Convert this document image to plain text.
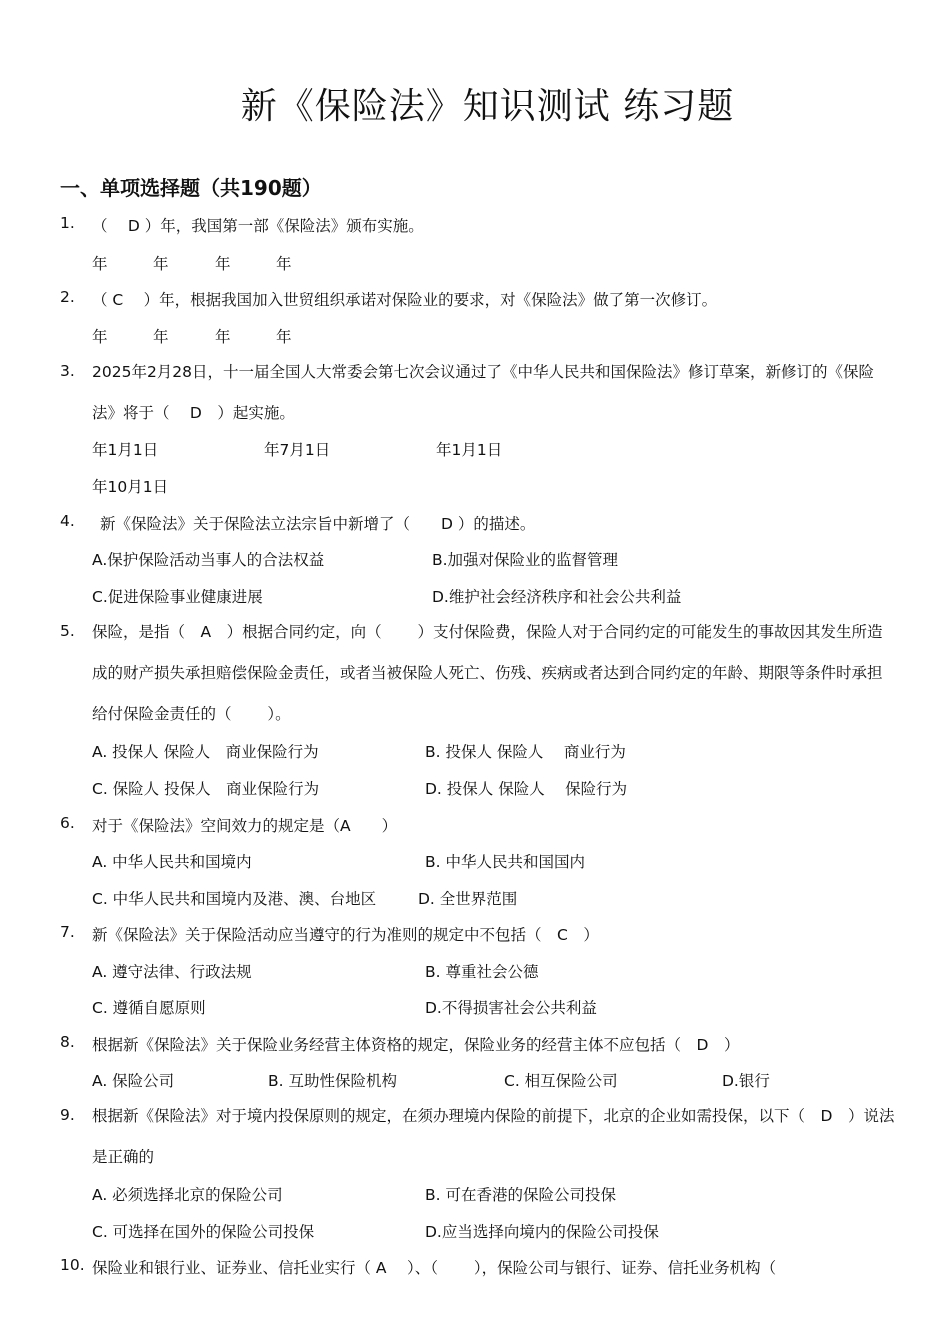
新《保险法》知识测试 练习题
一、单项选择题（共190题）
1. （　 D ）年，我国第一部《保险法》颁布实施。
年	年	年	年
2. （ C　 ）年，根据我国加入世贸组织承诺对保险业的要求，对《保险法》做了第一次修订。
年	年	年	年
3. 2025年2月28日，十一届全国人大常委会第七次会议通过了《中华人民共和国保险法》修订草案，新修订的《保险法》将于（　 D　）起实施。
年1月1日	年7月1日	年1月1日
年10月1日
4. 新《保险法》关于保险法立法宗旨中新增了（　　D ）的描述。
A.保护保险活动当事人的合法权益	B.加强对保险业的监督管理
C.促进保险事业健康进展	D.维护社会经济秩序和社会公共利益
5. 保险，是指（　A　）根据合同约定，向（　　 ）支付保险费，保险人对于合同约定的可能发生的事故因其发生所造成的财产损失承担赔偿保险金责任，或者当被保险人死亡、伤残、疾病或者达到合同约定的年龄、期限等条件时承担给付保险金责任的（　　 ）。
A. 投保人 保险人　商业保险行为	B. 投保人 保险人　 商业行为
C. 保险人 投保人　商业保险行为	D. 投保人 保险人　 保险行为
6. 对于《保险法》空间效力的规定是（A　　）
A. 中华人民共和国境内	B. 中华人民共和国国内
C. 中华人民共和国境内及港、澳、台地区	D. 全世界范围
7. 新《保险法》关于保险活动应当遵守的行为准则的规定中不包括（　C　）
A. 遵守法律、行政法规	B. 尊重社会公德
C. 遵循自愿原则	D.不得损害社会公共利益
8. 根据新《保险法》关于保险业务经营主体资格的规定，保险业务的经营主体不应包括（　D　）
A. 保险公司	B. 互助性保险机构	C. 相互保险公司	D.银行
9. 根据新《保险法》对于境内投保原则的规定，在须办理境内保险的前提下，北京的企业如需投保，以下（　D　）说法是正确的
A. 必须选择北京的保险公司	B. 可在香港的保险公司投保
C. 可选择在国外的保险公司投保	D.应当选择向境内的保险公司投保
10. 保险业和银行业、证券业、信托业实行（ A　 ）、（　　 ），保险公司与银行、证券、信托业务机构（
